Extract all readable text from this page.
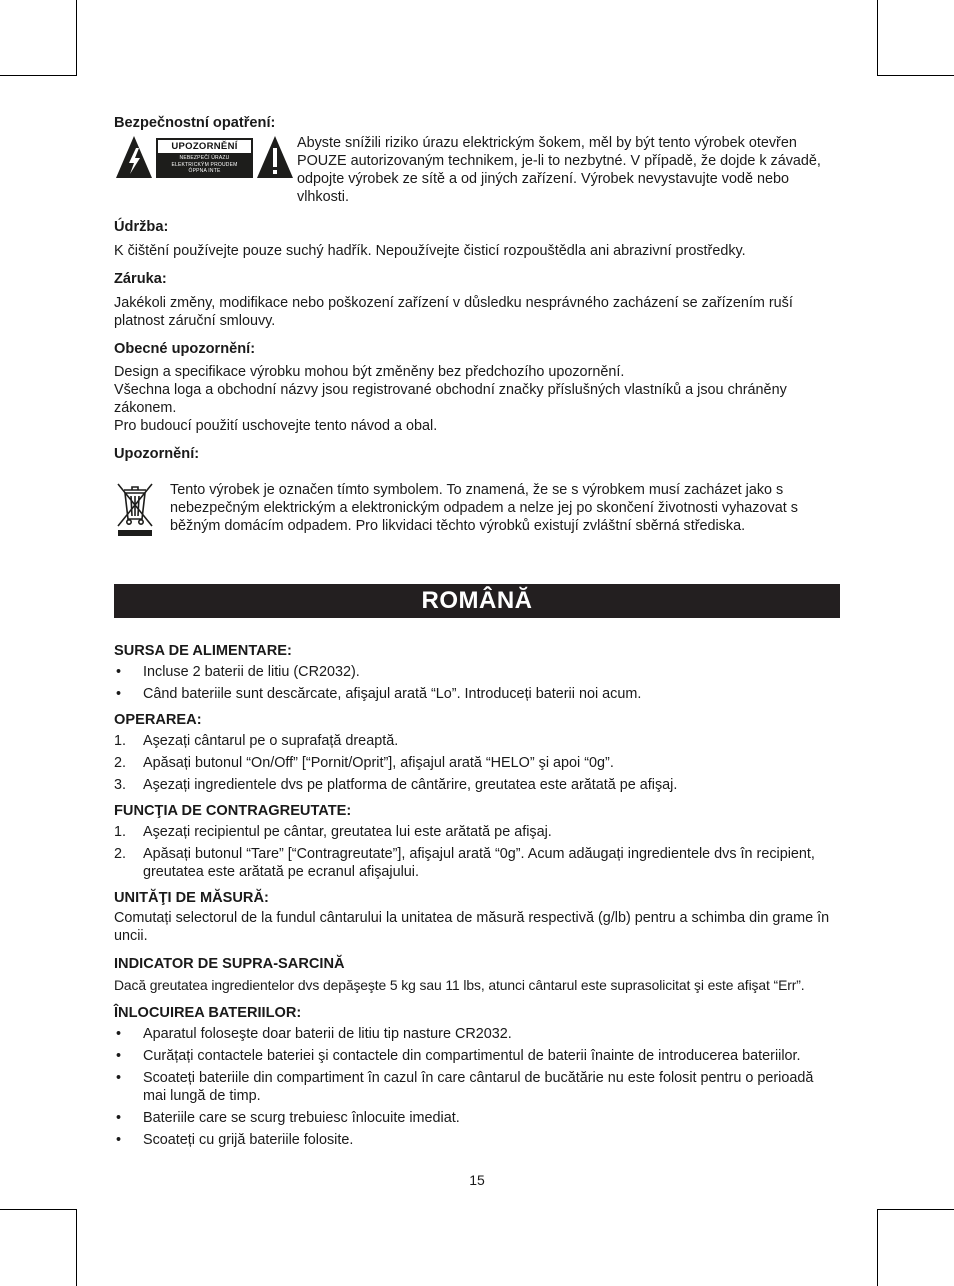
Bezpečnostní opatření:

UPOZORNĚNÍ
NEBEZPEČÍ ÚRAZU
ELEKTRICKÝM PROUDEM
ÓPPNA INTE

Abyste snížili riziko úrazu elektrickým šokem, měl by být tento výrobek otevřen POUZE autorizovaným technikem, je-li to nezbytné. V případě, že dojde k závadě, odpojte výrobek ze sítě a od jiných zařízení. Výrobek nevystavujte vodě nebo vlhkosti.

Údržba:

K čištění používejte pouze suchý hadřík. Nepoužívejte čisticí rozpouštědla ani abrazivní prostředky.

Záruka:

Jakékoli změny, modifikace nebo poškození zařízení v důsledku nesprávného zacházení se zařízením ruší platnost záruční smlouvy.

Obecné upozornění:

Design a specifikace výrobku mohou být změněny bez předchozího upozornění.

Všechna loga a obchodní názvy jsou registrované obchodní značky příslušných vlastníků a jsou chráněny zákonem.

Pro budoucí použití uschovejte tento návod a obal.

Upozornění:

Tento výrobek je označen tímto symbolem. To znamená, že se s výrobkem musí zacházet jako s nebezpečným elektrickým a elektronickým odpadem a nelze jej po skončení životnosti vyhazovat s běžným domácím odpadem. Pro likvidaci těchto výrobků existují zvláštní sběrná střediska.

ROMÂNĂ

SURSA DE ALIMENTARE:

•	Incluse 2 baterii de litiu (CR2032).
•	Când bateriile sunt descărcate, afişajul arată “Lo”. Introduceți baterii noi acum.

OPERAREA:

1.	Aşezați cântarul pe o suprafață dreaptă.
2.	Apăsați butonul “On/Off” [“Pornit/Oprit”], afişajul arată “HELO” şi apoi “0g”.
3.	Aşezați ingredientele dvs pe platforma de cântărire, greutatea este arătată pe afişaj.

FUNCŢIA DE CONTRAGREUTATE:

1.	Aşezați recipientul pe cântar, greutatea lui este arătată pe afişaj.
2.	Apăsați butonul “Tare” [“Contragreutate”], afişajul arată “0g”. Acum adăugați ingredientele dvs în recipient, greutatea este arătată pe ecranul afişajului.

UNITĂŢI DE MĂSURĂ:

Comutați selectorul de la fundul cântarului la unitatea de măsură respectivă (g/lb) pentru a schimba din grame în uncii.

INDICATOR DE SUPRA-SARCINĂ

Dacă greutatea ingredientelor dvs depăşeşte 5 kg sau 11 lbs, atunci cântarul este suprasolicitat şi este afişat “Err”.

ÎNLOCUIREA BATERIILOR:

•	Aparatul foloseşte doar baterii de litiu tip nasture CR2032.
•	Curățați contactele bateriei şi contactele din compartimentul de baterii înainte de introducerea bateriilor.
•	Scoateți bateriile din compartiment în cazul în care cântarul de bucătărie nu este folosit pentru o perioadă mai lungă de timp.
•	Bateriile care se scurg trebuiesc înlocuite imediat.
•	Scoateți cu grijă bateriile folosite.
15
